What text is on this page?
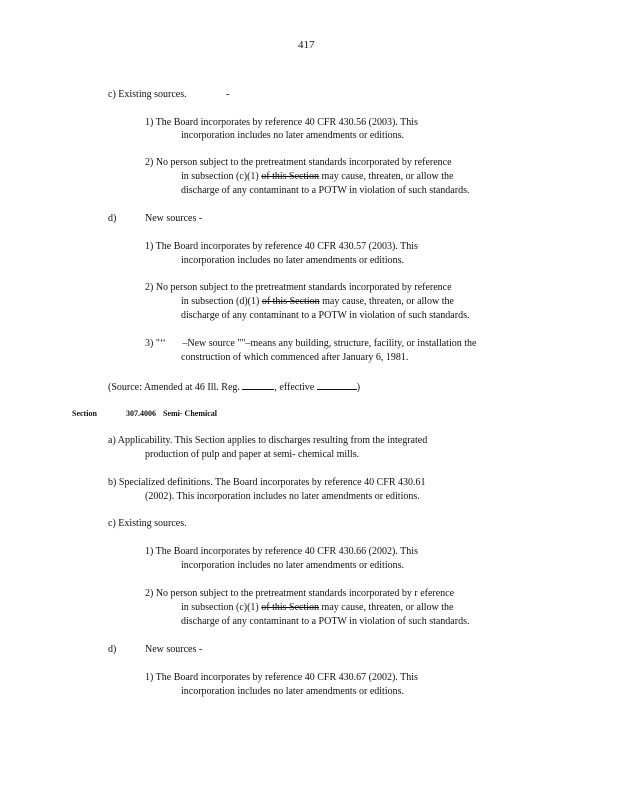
417
c) Existing sources.	-
1) The Board incorporates by reference 40 CFR 430.56 (2003). This
incorporation includes no later amendments or editions.
2) No person subject to the pretreatment standards incorporated by reference
in subsection (c)(1) of this Section may cause, threaten, or allow the
discharge of any contaminant to a POTW in violation of such standards.
d)	New sources -
1) The Board incorporates by reference 40 CFR 430.57 (2003). This
incorporation includes no later amendments or editions.
2) No person subject to the pretreatment standards incorporated by reference
in subsection (d)(1) of this Section may cause, threaten, or allow the
discharge of any contaminant to a POTW in violation of such standards.
3) "‘‘ –New source ""–means any building, structure, facility, or installation the
construction of which commenced after January 6, 1981.
(Source: Amended at 46 Ill. Reg.	, effective	)
Section	307.4006 Semi- Chemical
a) Applicability. This Section applies to discharges resulting from the integrated
production of pulp and paper at semi- chemical mills.
b) Specialized definitions. The Board incorporates by reference 40 CFR 430.61
(2002). This incorporation includes no later amendments or editions.
c) Existing sources.
1) The Board incorporates by reference 40 CFR 430.66 (2002). This
incorporation includes no later amendments or editions.
2) No person subject to the pretreatment standards incorporated by r eference
in subsection (c)(1) of this Section may cause, threaten, or allow the
discharge of any contaminant to a POTW in violation of such standards.
d)	New sources -
1) The Board incorporates by reference 40 CFR 430.67 (2002). This
incorporation includes no later amendments or editions.
